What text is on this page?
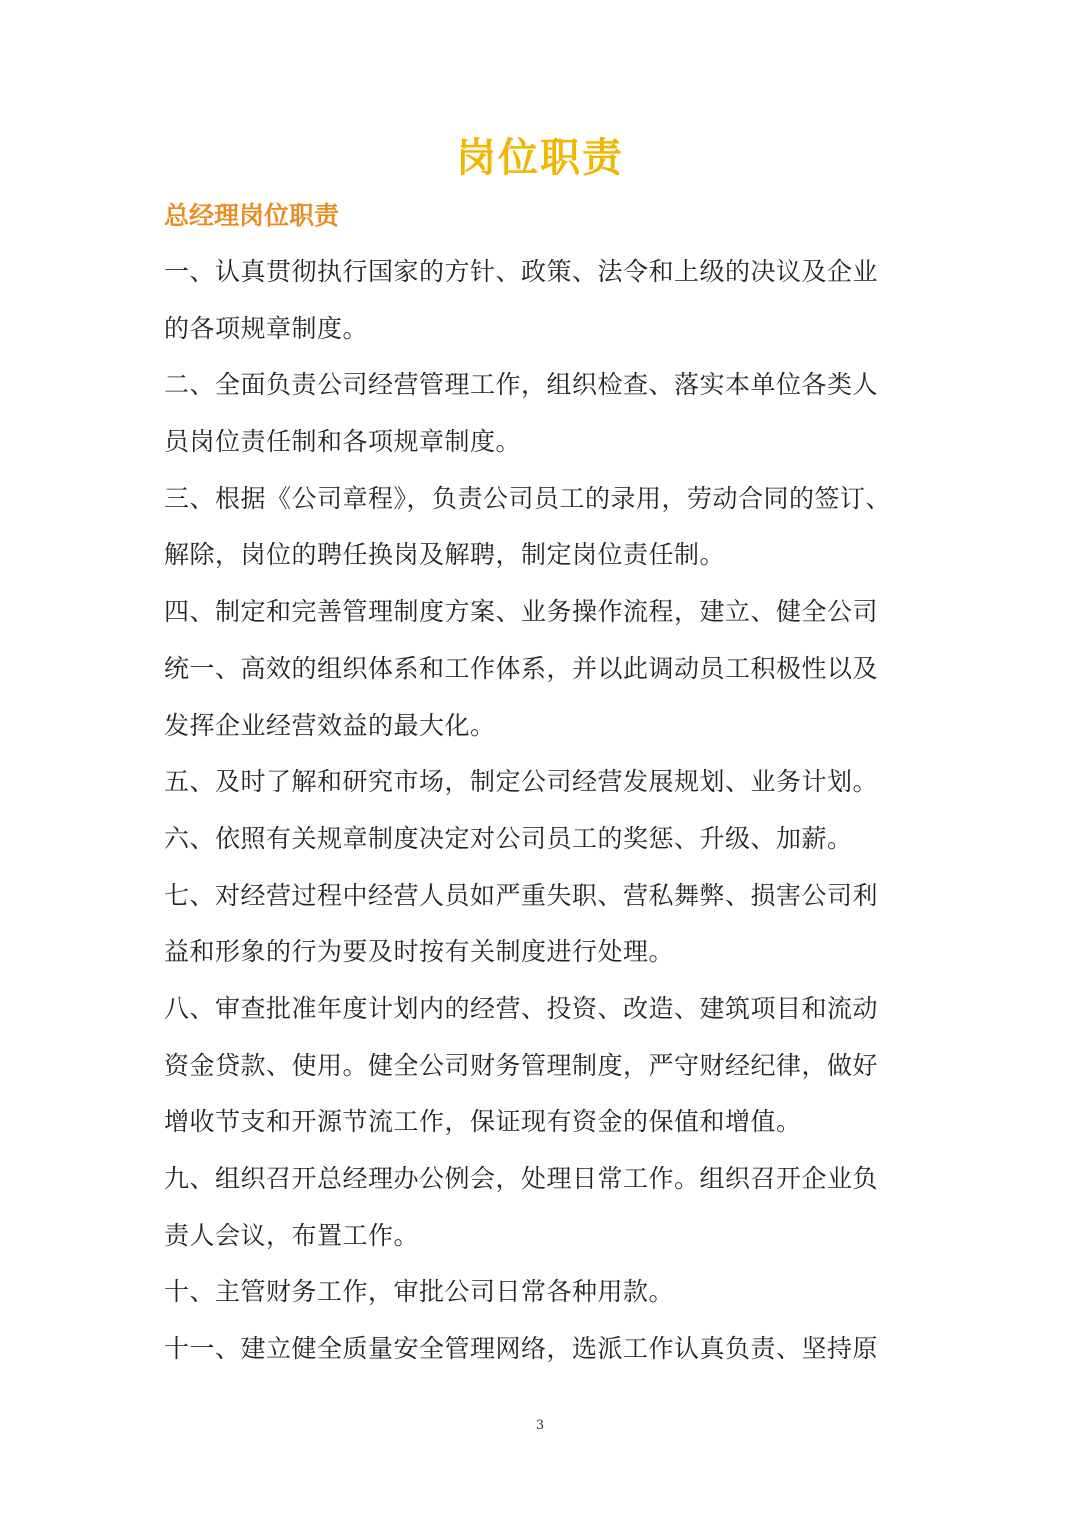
岗位职责
总经理岗位职责
一、认真贯彻执行国家的方针、政策、法令和上级的决议及企业
的各项规章制度。
二、全面负责公司经营管理工作，组织检查、落实本单位各类人
员岗位责任制和各项规章制度。
三、根据《公司章程》，负责公司员工的录用，劳动合同的签订、
解除，岗位的聘任换岗及解聘，制定岗位责任制。
四、制定和完善管理制度方案、业务操作流程，建立、健全公司
统一、高效的组织体系和工作体系，并以此调动员工积极性以及
发挥企业经营效益的最大化。
五、及时了解和研究市场，制定公司经营发展规划、业务计划。
六、依照有关规章制度决定对公司员工的奖惩、升级、加薪。
七、对经营过程中经营人员如严重失职、营私舞弊、损害公司利
益和形象的行为要及时按有关制度进行处理。
八、审查批准年度计划内的经营、投资、改造、建筑项目和流动
资金贷款、使用。健全公司财务管理制度，严守财经纪律，做好
增收节支和开源节流工作，保证现有资金的保值和增值。
九、组织召开总经理办公例会，处理日常工作。组织召开企业负
责人会议，布置工作。
十、主管财务工作，审批公司日常各种用款。
十一、建立健全质量安全管理网络，选派工作认真负责、坚持原
3
